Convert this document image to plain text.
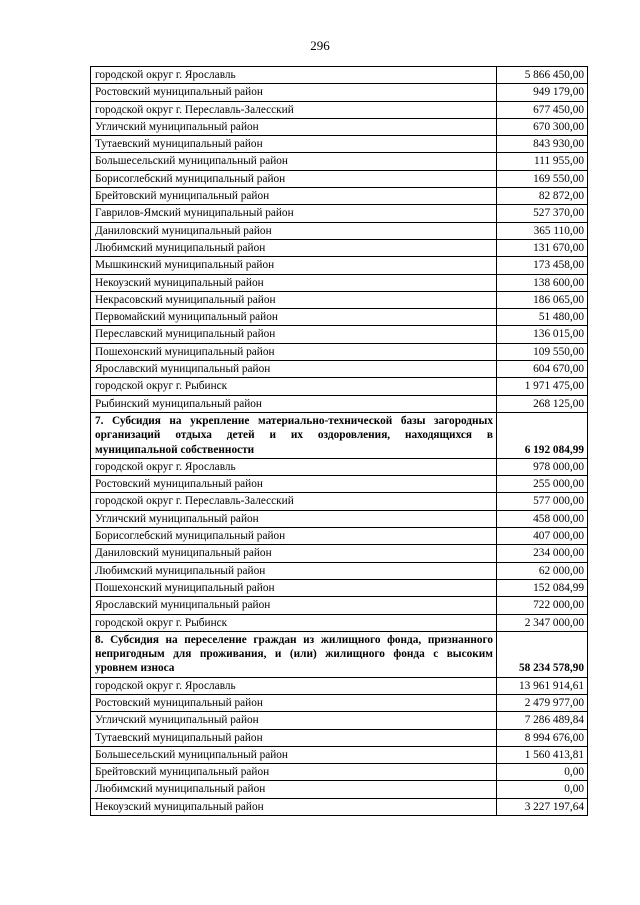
296
городской округ г. Ярославль	5 866 450,00
Ростовский муниципальный район	949 179,00
городской округ г. Переславль-Залесский	677 450,00
Угличский муниципальный район	670 300,00
Тутаевский муниципальный район	843 930,00
Большесельский муниципальный район	111 955,00
Борисоглебский муниципальный район	169 550,00
Брейтовский муниципальный район	82 872,00
Гаврилов-Ямский муниципальный район	527 370,00
Даниловский муниципальный район	365 110,00
Любимский муниципальный район	131 670,00
Мышкинский муниципальный район	173 458,00
Некоузский муниципальный район	138 600,00
Некрасовский муниципальный район	186 065,00
Первомайский муниципальный район	51 480,00
Переславский муниципальный район	136 015,00
Пошехонский муниципальный район	109 550,00
Ярославский муниципальный район	604 670,00
городской округ г. Рыбинск	1 971 475,00
Рыбинский муниципальный район	268 125,00
7. Субсидия на укрепление материально-технической базы загородных организаций отдыха детей и их оздоровления, находящихся в муниципальной собственности	6 192 084,99
городской округ г. Ярославль	978 000,00
Ростовский муниципальный район	255 000,00
городской округ г. Переславль-Залесский	577 000,00
Угличский муниципальный район	458 000,00
Борисоглебский муниципальный район	407 000,00
Даниловский муниципальный район	234 000,00
Любимский муниципальный район	62 000,00
Пошехонский муниципальный район	152 084,99
Ярославский муниципальный район	722 000,00
городской округ г. Рыбинск	2 347 000,00
8. Субсидия на переселение граждан из жилищного фонда, признанного непригодным для проживания, и (или) жилищного фонда с высоким уровнем износа	58 234 578,90
городской округ г. Ярославль	13 961 914,61
Ростовский муниципальный район	2 479 977,00
Угличский муниципальный район	7 286 489,84
Тутаевский муниципальный район	8 994 676,00
Большесельский муниципальный район	1 560 413,81
Брейтовский муниципальный район	0,00
Любимский муниципальный район	0,00
Некоузский муниципальный район	3 227 197,64
